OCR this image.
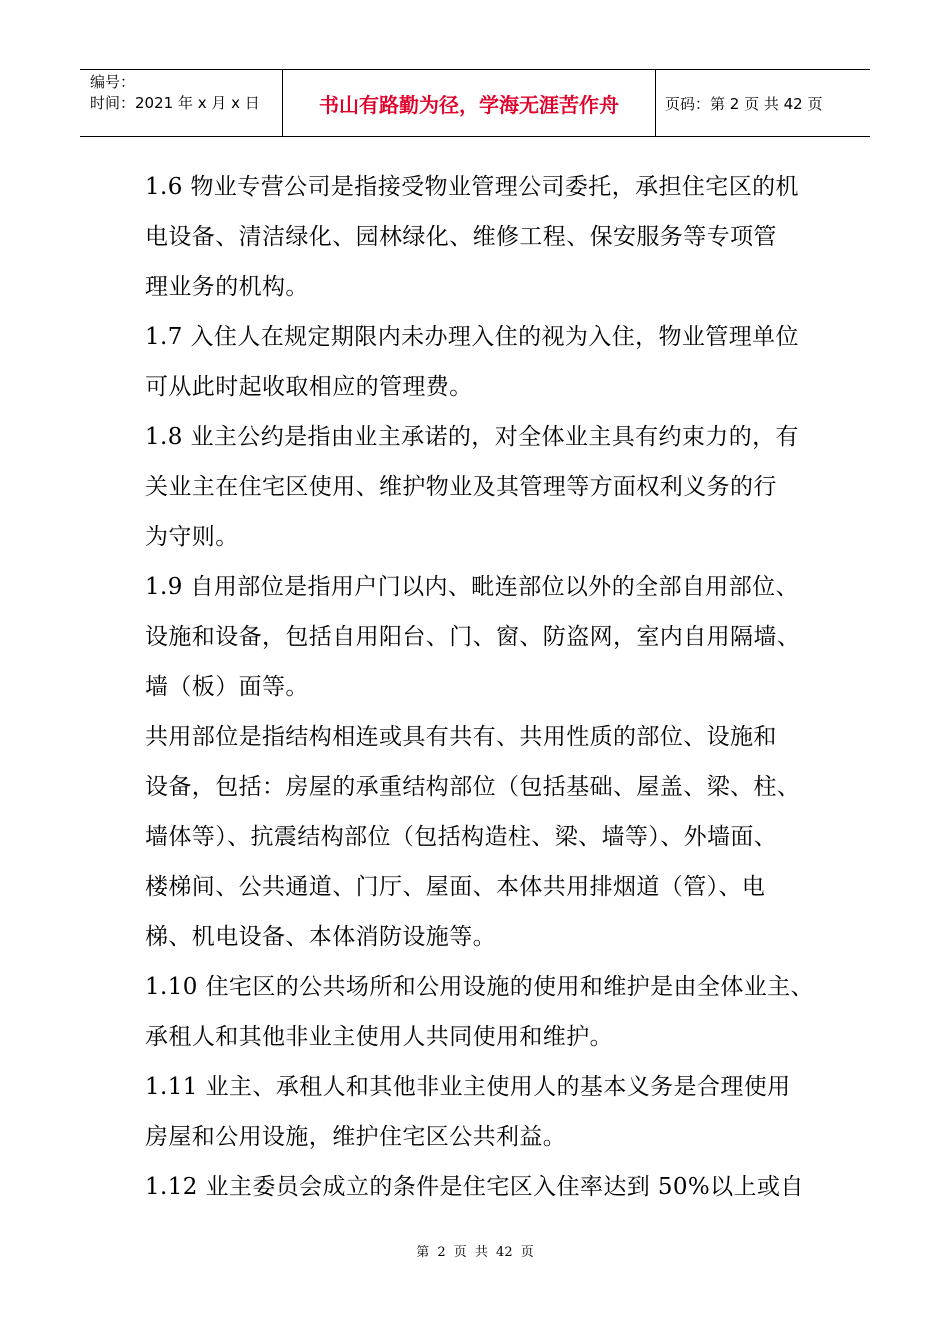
编号：
时间：2021 年 x 月 x 日	书山有路勤为径，学海无涯苦作舟	页码：第 2 页 共 42 页
1.6 物业专营公司是指接受物业管理公司委托，承担住宅区的机
电设备、清洁绿化、园林绿化、维修工程、保安服务等专项管
理业务的机构。
1.7 入住人在规定期限内未办理入住的视为入住，物业管理单位
可从此时起收取相应的管理费。
1.8 业主公约是指由业主承诺的，对全体业主具有约束力的，有
关业主在住宅区使用、维护物业及其管理等方面权利义务的行
为守则。
1.9 自用部位是指用户门以内、毗连部位以外的全部自用部位、
设施和设备，包括自用阳台、门、窗、防盗网，室内自用隔墙、
墙（板）面等。
共用部位是指结构相连或具有共有、共用性质的部位、设施和
设备，包括：房屋的承重结构部位（包括基础、屋盖、梁、柱、
墙体等）、抗震结构部位（包括构造柱、梁、墙等）、外墙面、
楼梯间、公共通道、门厅、屋面、本体共用排烟道（管）、电
梯、机电设备、本体消防设施等。
1.10 住宅区的公共场所和公用设施的使用和维护是由全体业主、
承租人和其他非业主使用人共同使用和维护。
1.11 业主、承租人和其他非业主使用人的基本义务是合理使用
房屋和公用设施，维护住宅区公共利益。
1.12 业主委员会成立的条件是住宅区入住率达到 50%以上或自
第 2 页 共 42 页
